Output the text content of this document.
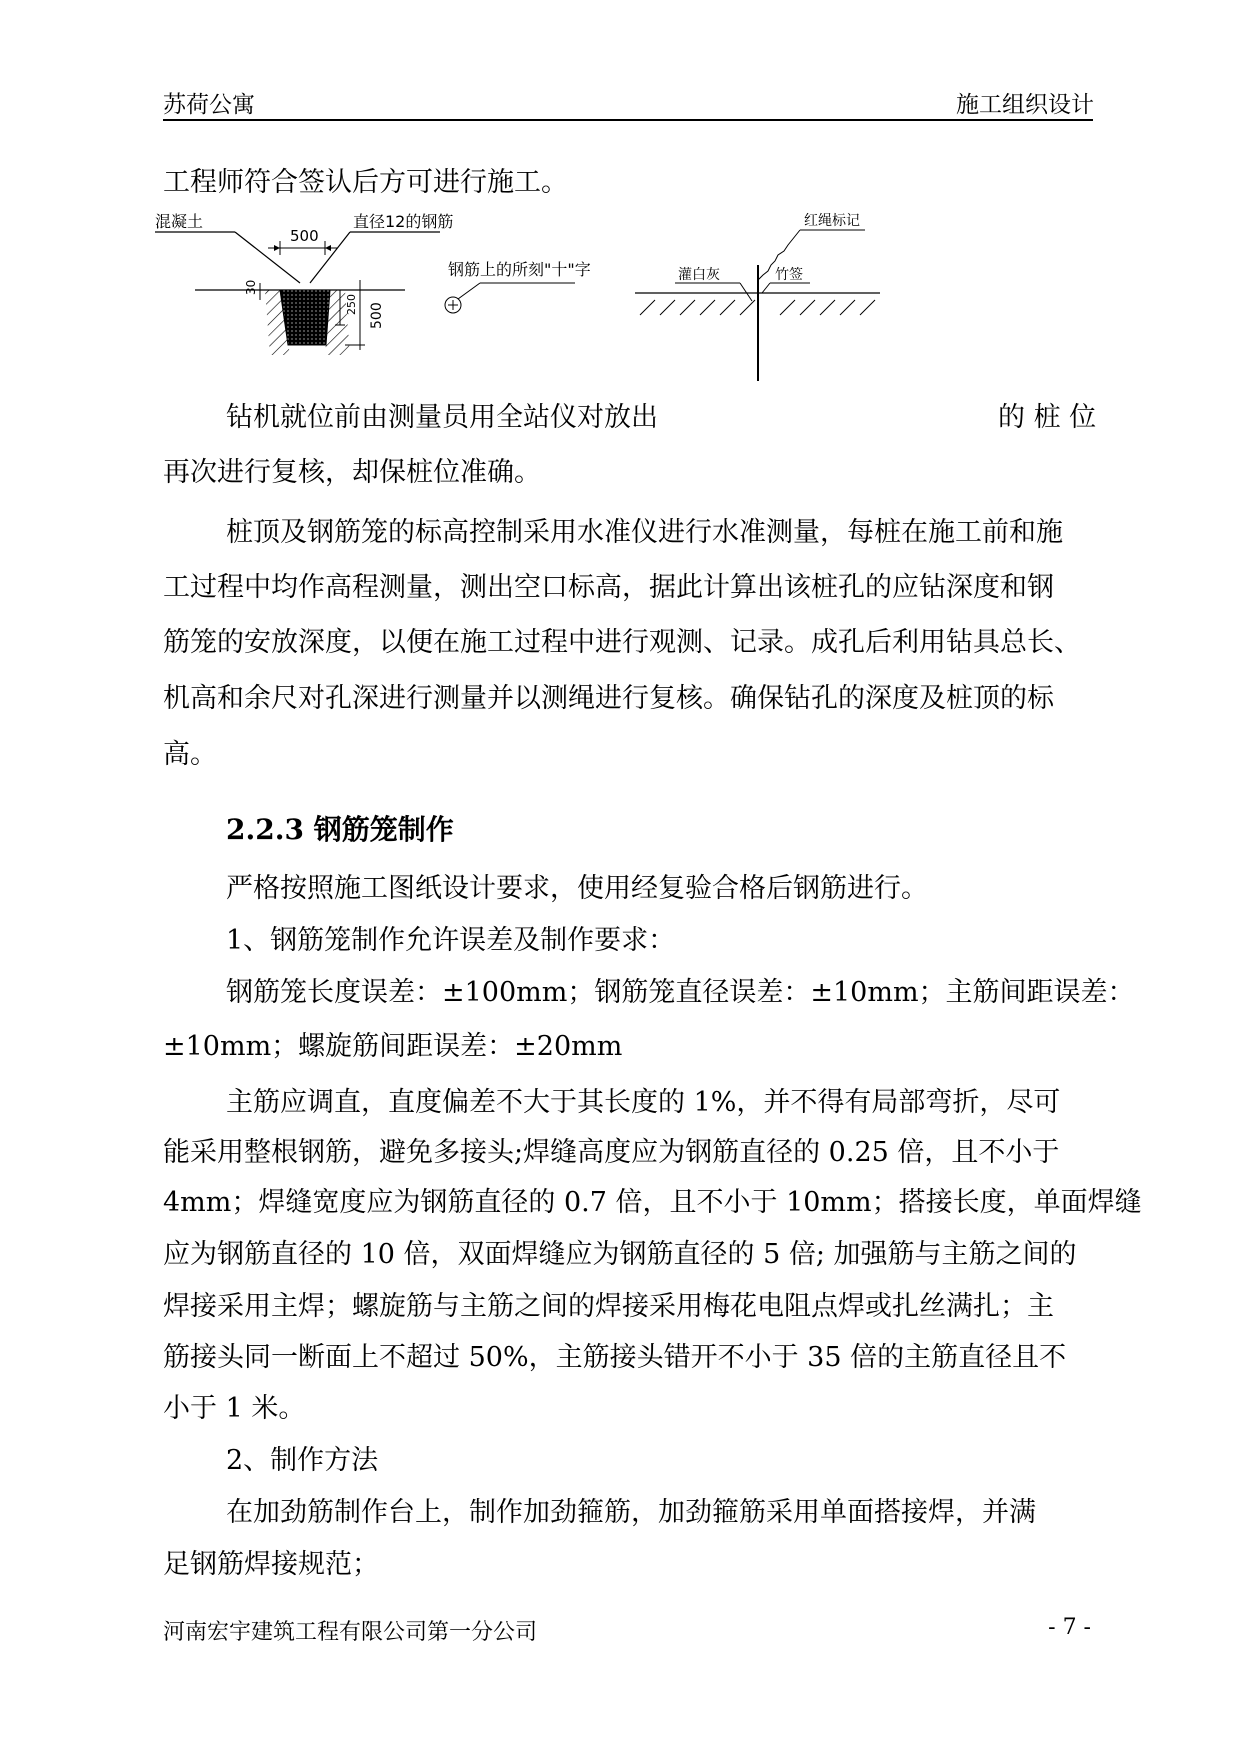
苏荷公寓	施工组织设计
工程师符合签认后方可进行施工。
混凝土
500
直径12的钢筋
30
250 500
钢筋上的所刻"十"字
红绳标记
灌白灰	竹签
钻机就位前由测量员用全站仪对放出	的 桩 位
再次进行复核，却保桩位准确。
桩顶及钢筋笼的标高控制采用水准仪进行水准测量，每桩在施工前和施
工过程中均作高程测量，测出空口标高，据此计算出该桩孔的应钻深度和钢
筋笼的安放深度，以便在施工过程中进行观测、记录。成孔后利用钻具总长、
机高和余尺对孔深进行测量并以测绳进行复核。确保钻孔的深度及桩顶的标
高。
2.2.3 钢筋笼制作
严格按照施工图纸设计要求，使用经复验合格后钢筋进行。
1、钢筋笼制作允许误差及制作要求：
钢筋笼长度误差：±100mm；钢筋笼直径误差：±10mm；主筋间距误差：
±10mm；螺旋筋间距误差：±20mm
主筋应调直，直度偏差不大于其长度的 1%，并不得有局部弯折，尽可
能采用整根钢筋，避免多接头;焊缝高度应为钢筋直径的 0.25 倍，且不小于
4mm；焊缝宽度应为钢筋直径的 0.7 倍，且不小于 10mm；搭接长度，单面焊缝
应为钢筋直径的 10 倍，双面焊缝应为钢筋直径的 5 倍; 加强筋与主筋之间的
焊接采用主焊；螺旋筋与主筋之间的焊接采用梅花电阻点焊或扎丝满扎；主
筋接头同一断面上不超过 50%，主筋接头错开不小于 35 倍的主筋直径且不
小于 1 米。
2、制作方法
在加劲筋制作台上，制作加劲箍筋，加劲箍筋采用单面搭接焊，并满
足钢筋焊接规范；
河南宏宇建筑工程有限公司第一分公司	- 7 -
